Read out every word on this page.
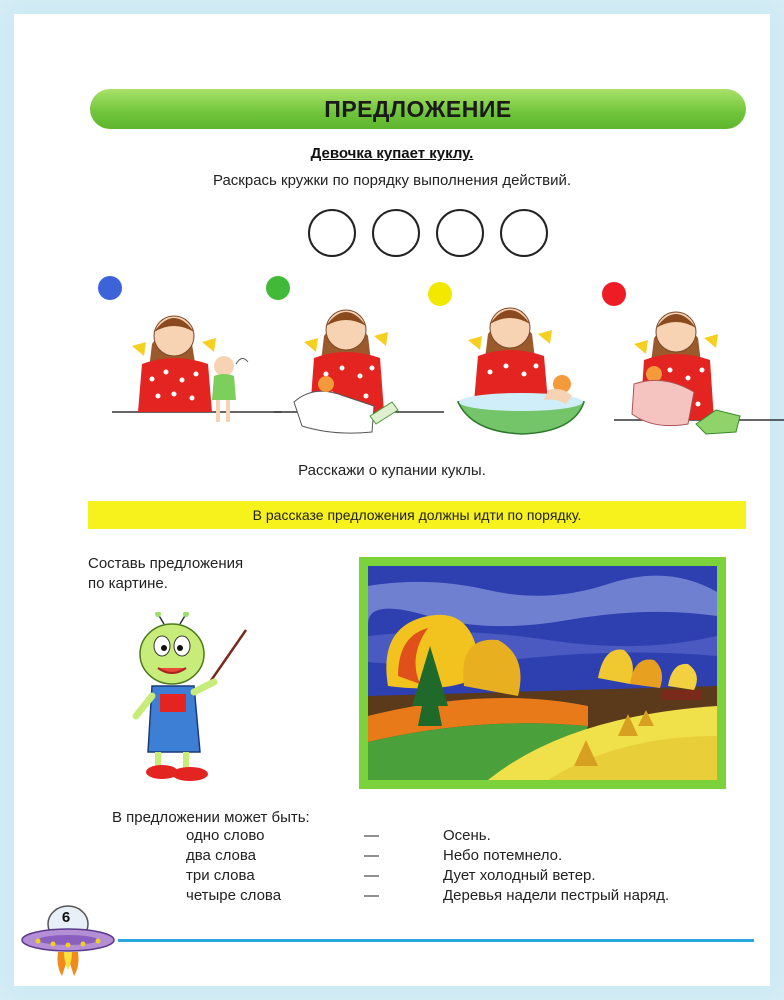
ПРЕДЛОЖЕНИЕ
Девочка купает куклу.
Раскрась кружки по порядку выполнения действий.
Расскажи о купании куклы.
В рассказе предложения должны идти по порядку.
Составь предложения
по картине.
В предложении может быть:
одно слово	—	Осень.
два слова	—	Небо потемнело.
три слова	—	Дует холодный ветер.
четыре слова	—	Деревья надели пестрый наряд.
6
